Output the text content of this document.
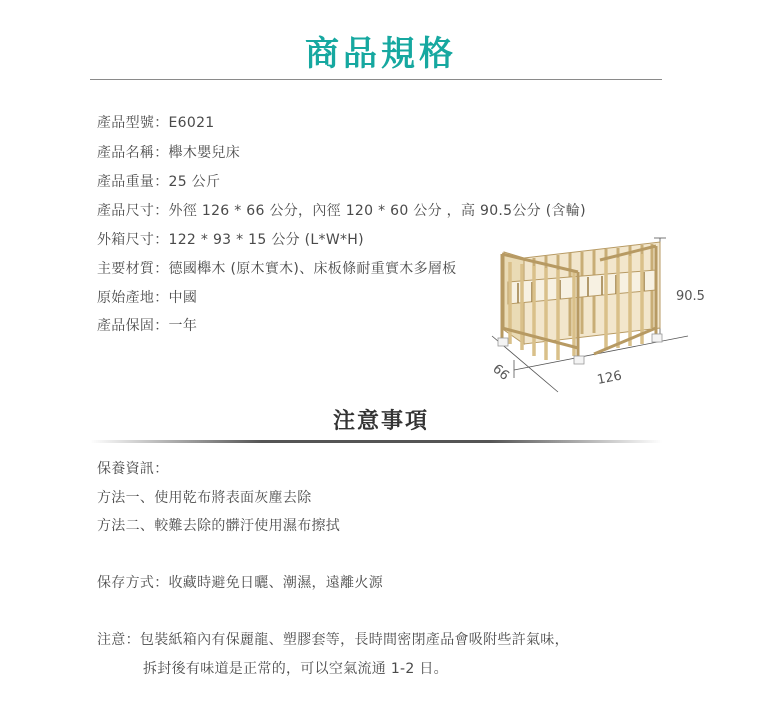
商品規格
產品型號：E6021
產品名稱：櫸木嬰兒床
產品重量：25 公斤
產品尺寸：外徑 126 * 66 公分，內徑 120 * 60 公分 ，高 90.5公分 (含輪)
外箱尺寸：122 * 93 * 15 公分 (L*W*H)
主要材質：德國櫸木 (原木實木)、床板條耐重實木多層板
原始產地：中國
產品保固：一年
90.5
126
66
注意事項
保養資訊：
方法一、使用乾布將表面灰塵去除
方法二、較難去除的髒汙使用濕布擦拭
保存方式：收藏時避免日曬、潮濕，遠離火源
注意：包裝紙箱內有保麗龍、塑膠套等，長時間密閉產品會吸附些許氣味，
拆封後有味道是正常的，可以空氣流通 1-2 日。
